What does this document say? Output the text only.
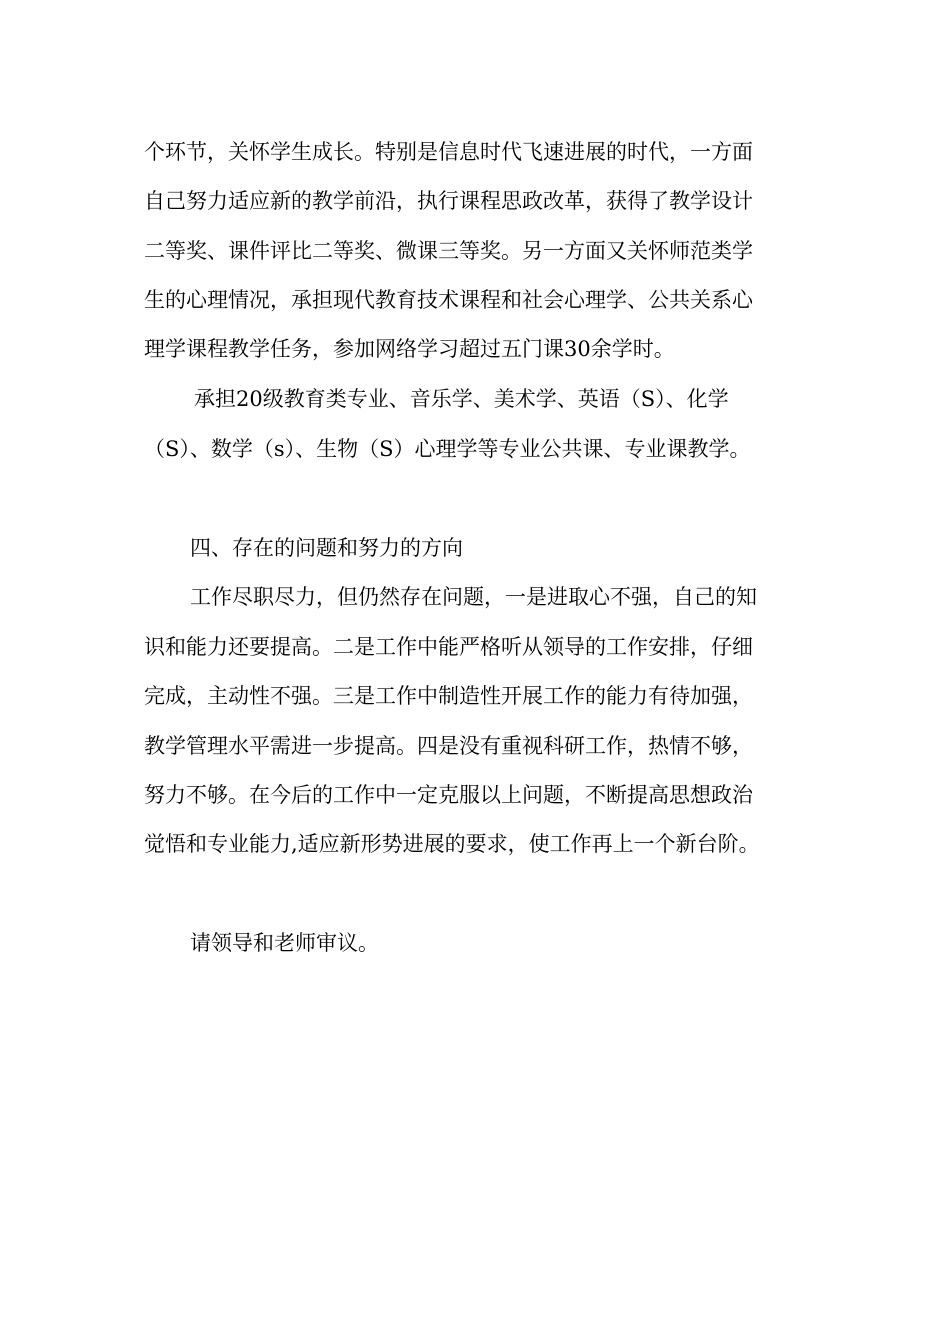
个环节，关怀学生成长。特别是信息时代飞速进展的时代，一方面
自己努力适应新的教学前沿，执行课程思政改革，获得了教学设计
二等奖、课件评比二等奖、微课三等奖。另一方面又关怀师范类学
生的心理情况，承担现代教育技术课程和社会心理学、公共关系心
理学课程教学任务，参加网络学习超过五门课30余学时。
承担20级教育类专业、音乐学、美术学、英语（S）、化学
（S）、数学（s）、生物（S）心理学等专业公共课、专业课教学。
四、存在的问题和努力的方向
工作尽职尽力，但仍然存在问题，一是进取心不强，自己的知
识和能力还要提高。二是工作中能严格听从领导的工作安排，仔细
完成，主动性不强。三是工作中制造性开展工作的能力有待加强，
教学管理水平需进一步提高。四是没有重视科研工作，热情不够，
努力不够。在今后的工作中一定克服以上问题，不断提高思想政治
觉悟和专业能力,适应新形势进展的要求，使工作再上一个新台阶。
请领导和老师审议。
